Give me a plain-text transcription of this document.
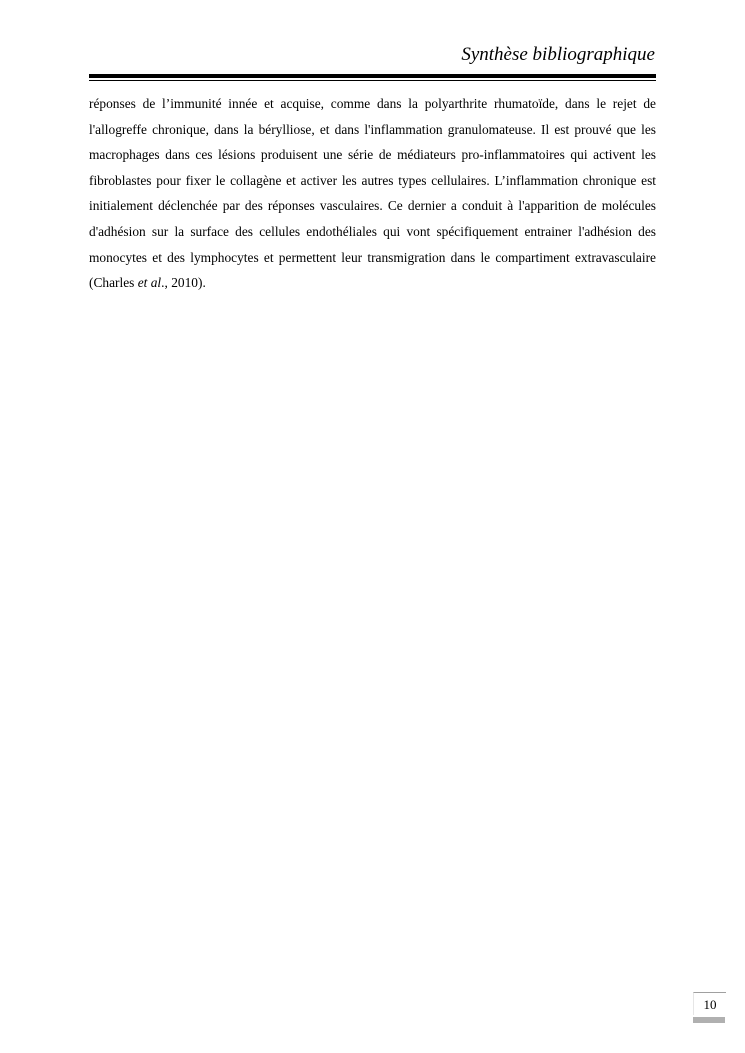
Synthèse bibliographique

réponses de l’immunité innée et acquise, comme dans la polyarthrite rhumatoïde, dans le rejet de l'allogreffe chronique, dans la bérylliose, et dans l'inflammation granulomateuse. Il est prouvé que les macrophages dans ces lésions produisent une série de médiateurs pro-inflammatoires qui activent les fibroblastes pour fixer le collagène et activer les autres types cellulaires. L’inflammation chronique est initialement déclenchée par des réponses vasculaires. Ce dernier a conduit à l'apparition de molécules d'adhésion sur la surface des cellules endothéliales qui vont spécifiquement entrainer l'adhésion des monocytes et des lymphocytes et permettent leur transmigration dans le compartiment extravasculaire (Charles et al., 2010).

10
